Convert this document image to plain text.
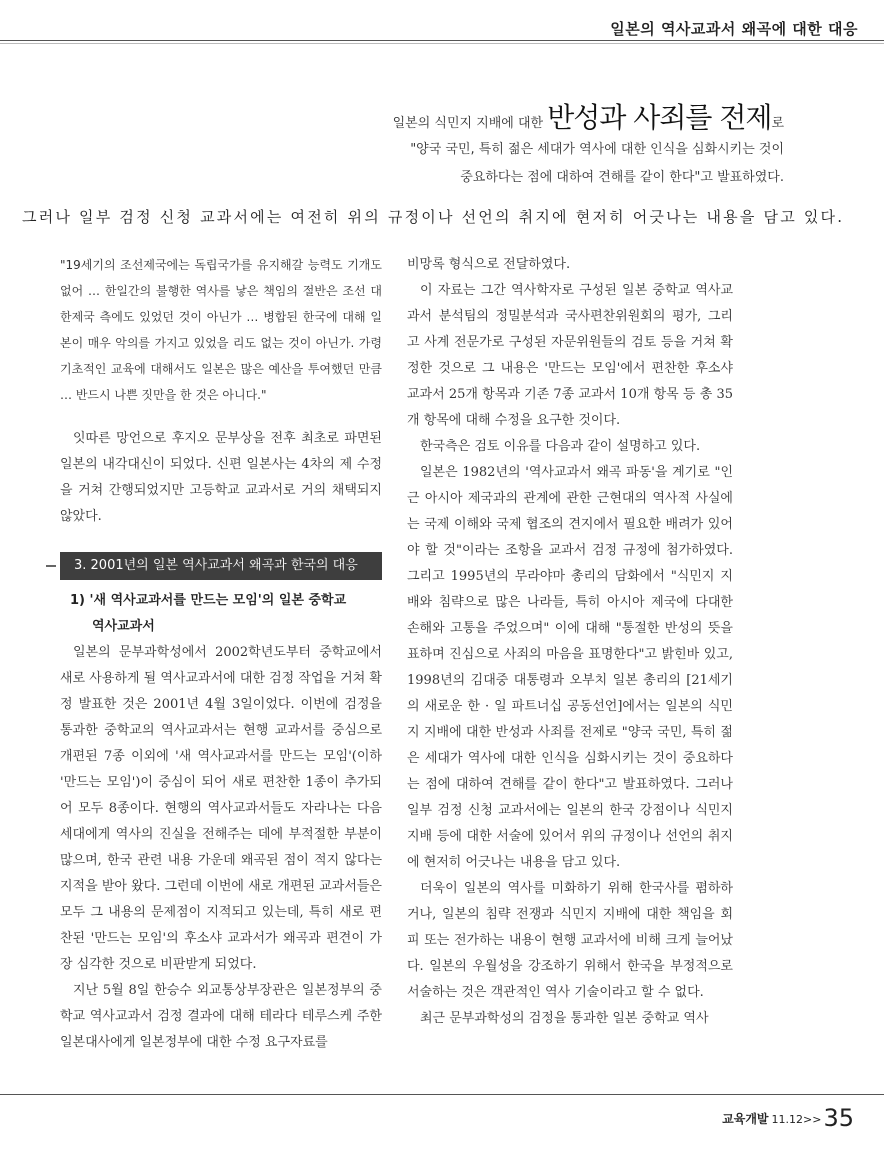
일본의 역사교과서 왜곡에 대한 대응
일본의 식민지 지배에 대한 반성과 사죄를 전제로
"양국 국민, 특히 젊은 세대가 역사에 대한 인식을 심화시키는 것이
중요하다는 점에 대하여 견해를 같이 한다"고 발표하였다.
그러나 일부 검정 신청 교과서에는 여전히 위의 규정이나 선언의 취지에 현저히 어긋나는 내용을 담고 있다.

"19세기의 조선제국에는 독립국가를 유지해갈 능력도 기개도 없어 … 한일간의 불행한 역사를 낳은 책임의 절반은 조선 대한제국 측에도 있었던 것이 아닌가 … 병합된 한국에 대해 일본이 매우 악의를 가지고 있었을 리도 없는 것이 아닌가. 가령 기초적인 교육에 대해서도 일본은 많은 예산을 투여했던 만큼 … 반드시 나쁜 짓만을 한 것은 아니다."

잇따른 망언으로 후지오 문부상을 전후 최초로 파면된 일본의 내각대신이 되었다. 신편 일본사는 4차의 제 수정을 거쳐 간행되었지만 고등학교 교과서로 거의 채택되지 않았다.

3. 2001년의 일본 역사교과서 왜곡과 한국의 대응
1) '새 역사교과서를 만드는 모임'의 일본 중학교
역사교과서

일본의 문부과학성에서 2002학년도부터 중학교에서 새로 사용하게 될 역사교과서에 대한 검정 작업을 거쳐 확정 발표한 것은 2001년 4월 3일이었다. 이번에 검정을 통과한 중학교의 역사교과서는 현행 교과서를 중심으로 개편된 7종 이외에 '새 역사교과서를 만드는 모임'(이하 '만드는 모임')이 중심이 되어 새로 편찬한 1종이 추가되어 모두 8종이다. 현행의 역사교과서들도 자라나는 다음 세대에게 역사의 진실을 전해주는 데에 부적절한 부분이 많으며, 한국 관련 내용 가운데 왜곡된 점이 적지 않다는 지적을 받아 왔다. 그런데 이번에 새로 개편된 교과서들은 모두 그 내용의 문제점이 지적되고 있는데, 특히 새로 편찬된 '만드는 모임'의 후소샤 교과서가 왜곡과 편견이 가장 심각한 것으로 비판받게 되었다.

지난 5월 8일 한승수 외교통상부장관은 일본정부의 중학교 역사교과서 검정 결과에 대해 테라다 테루스케 주한 일본대사에게 일본정부에 대한 수정 요구자료를

비망록 형식으로 전달하였다.

이 자료는 그간 역사학자로 구성된 일본 중학교 역사교과서 분석팀의 정밀분석과 국사편찬위원회의 평가, 그리고 사계 전문가로 구성된 자문위원들의 검토 등을 거쳐 확정한 것으로 그 내용은 '만드는 모임'에서 편찬한 후소샤 교과서 25개 항목과 기존 7종 교과서 10개 항목 등 총 35개 항목에 대해 수정을 요구한 것이다.

한국측은 검토 이유를 다음과 같이 설명하고 있다.

일본은 1982년의 '역사교과서 왜곡 파동'을 계기로 "인근 아시아 제국과의 관계에 관한 근현대의 역사적 사실에는 국제 이해와 국제 협조의 견지에서 필요한 배려가 있어야 할 것"이라는 조항을 교과서 검정 규정에 첨가하였다. 그리고 1995년의 무라야마 총리의 담화에서 "식민지 지배와 침략으로 많은 나라들, 특히 아시아 제국에 다대한 손해와 고통을 주었으며" 이에 대해 "통절한 반성의 뜻을 표하며 진심으로 사죄의 마음을 표명한다"고 밝힌바 있고, 1998년의 김대중 대통령과 오부치 일본 총리의 [21세기의 새로운 한 · 일 파트너십 공동선언]에서는 일본의 식민지 지배에 대한 반성과 사죄를 전제로 "양국 국민, 특히 젊은 세대가 역사에 대한 인식을 심화시키는 것이 중요하다는 점에 대하여 견해를 같이 한다"고 발표하였다. 그러나 일부 검정 신청 교과서에는 일본의 한국 강점이나 식민지 지배 등에 대한 서술에 있어서 위의 규정이나 선언의 취지에 현저히 어긋나는 내용을 담고 있다.

더욱이 일본의 역사를 미화하기 위해 한국사를 폄하하거나, 일본의 침략 전쟁과 식민지 지배에 대한 책임을 회피 또는 전가하는 내용이 현행 교과서에 비해 크게 늘어났다. 일본의 우월성을 강조하기 위해서 한국을 부정적으로 서술하는 것은 객관적인 역사 기술이라고 할 수 없다.

최근 문부과학성의 검정을 통과한 일본 중학교 역사

교육개발 11.12>>35
